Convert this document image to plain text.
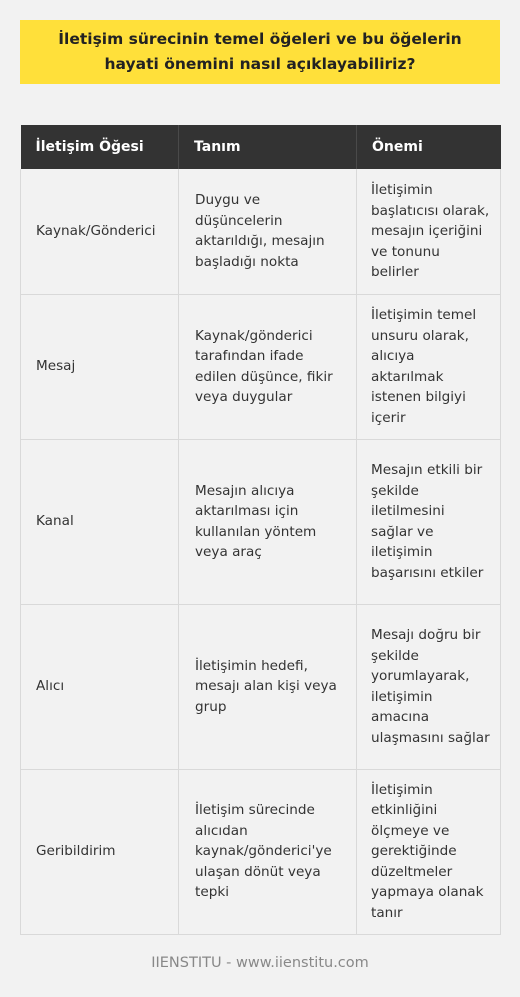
İletişim sürecinin temel öğeleri ve bu öğelerin hayati önemini nasıl açıklayabiliriz?
İletişim Öğesi	Tanım	Önemi
Kaynak/Gönderici	Duygu ve düşüncelerin aktarıldığı, mesajın başladığı nokta	İletişimin başlatıcısı olarak, mesajın içeriğini ve tonunu belirler
Mesaj	Kaynak/gönderici tarafından ifade edilen düşünce, fikir veya duygular	İletişimin temel unsuru olarak, alıcıya aktarılmak istenen bilgiyi içerir
Kanal	Mesajın alıcıya aktarılması için kullanılan yöntem veya araç	Mesajın etkili bir şekilde iletilmesini sağlar ve iletişimin başarısını etkiler
Alıcı	İletişimin hedefi, mesajı alan kişi veya grup	Mesajı doğru bir şekilde yorumlayarak, iletişimin amacına ulaşmasını sağlar
Geribildirim	İletişim sürecinde alıcıdan kaynak/gönderici'ye ulaşan dönüt veya tepki	İletişimin etkinliğini ölçmeye ve gerektiğinde düzeltmeler yapmaya olanak tanır
IIENSTITU - www.iienstitu.com
